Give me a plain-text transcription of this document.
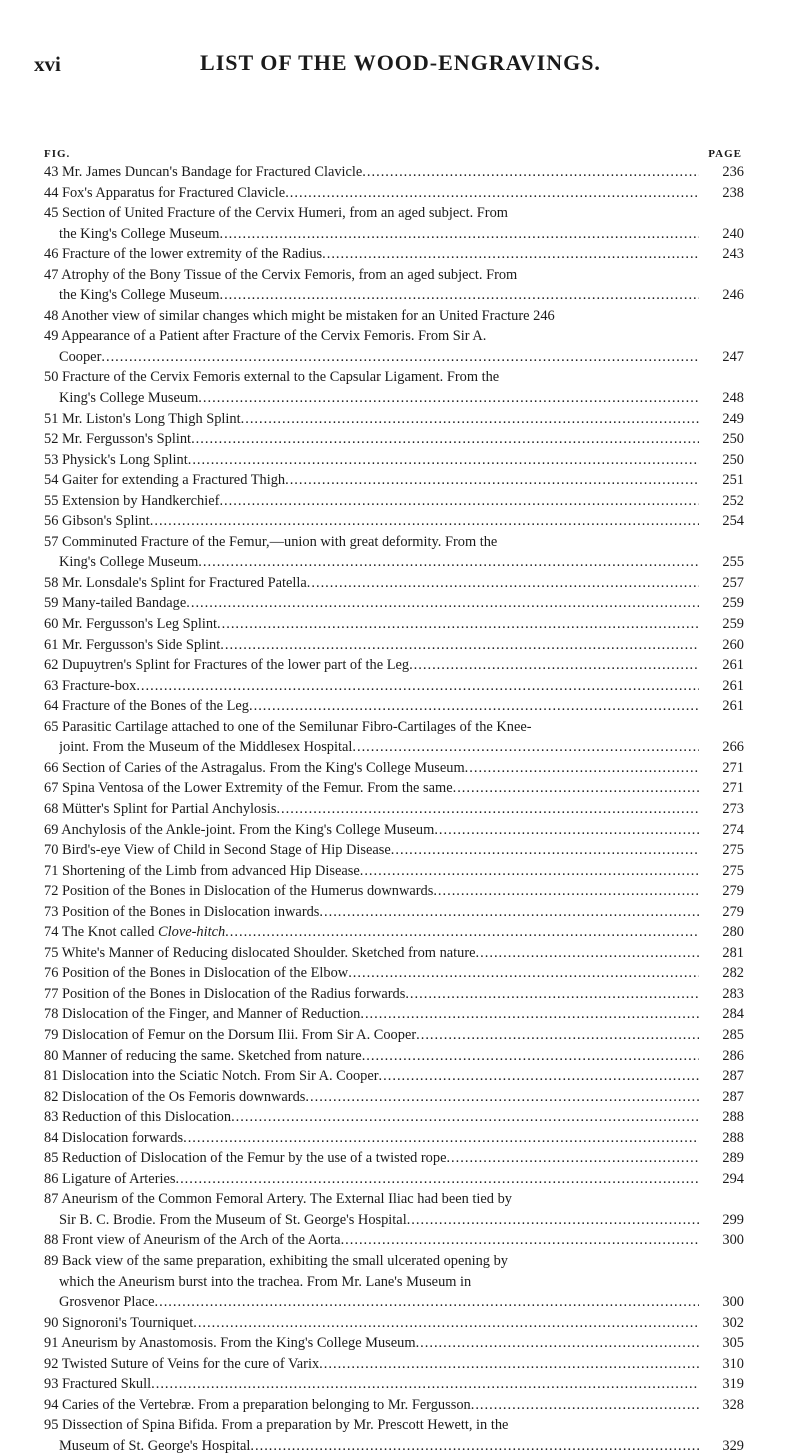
xvi	LIST OF THE WOOD-ENGRAVINGS.
FIG.	PAGE
43 Mr. James Duncan's Bandage for Fractured Clavicle .....	236
44 Fox's Apparatus for Fractured Clavicle .....	238
45 Section of United Fracture of the Cervix Humeri, from an aged subject. From
the King's College Museum .....	240
46 Fracture of the lower extremity of the Radius .....	243
47 Atrophy of the Bony Tissue of the Cervix Femoris, from an aged subject. From
the King's College Museum .....	246
48 Another view of similar changes which might be mistaken for an United Fracture 246
49 Appearance of a Patient after Fracture of the Cervix Femoris. From Sir A.
Cooper .....	247
50 Fracture of the Cervix Femoris external to the Capsular Ligament. From the
King's College Museum .....	248
51 Mr. Liston's Long Thigh Splint .....	249
52 Mr. Fergusson's Splint .....	250
53 Physick's Long Splint .....	250
54 Gaiter for extending a Fractured Thigh .....	251
55 Extension by Handkerchief .....	252
56 Gibson's Splint .....	254
57 Comminuted Fracture of the Femur,—union with great deformity. From the
King's College Museum .....	255
58 Mr. Lonsdale's Splint for Fractured Patella .....	257
59 Many-tailed Bandage .....	259
60 Mr. Fergusson's Leg Splint .....	259
61 Mr. Fergusson's Side Splint .....	260
62 Dupuytren's Splint for Fractures of the lower part of the Leg .....	261
63 Fracture-box .....	261
64 Fracture of the Bones of the Leg .....	261
65 Parasitic Cartilage attached to one of the Semilunar Fibro-Cartilages of the Knee-
joint. From the Museum of the Middlesex Hospital .....	266
66 Section of Caries of the Astragalus. From the King's College Museum .....	271
67 Spina Ventosa of the Lower Extremity of the Femur. From the same .....	271
68 Mütter's Splint for Partial Anchylosis .....	273
69 Anchylosis of the Ankle-joint. From the King's College Museum .....	274
70 Bird's-eye View of Child in Second Stage of Hip Disease .....	275
71 Shortening of the Limb from advanced Hip Disease .....	275
72 Position of the Bones in Dislocation of the Humerus downwards .....	279
73 Position of the Bones in Dislocation inwards .....	279
74 The Knot called Clove-hitch .....	280
75 White's Manner of Reducing dislocated Shoulder. Sketched from nature .....	281
76 Position of the Bones in Dislocation of the Elbow .....	282
77 Position of the Bones in Dislocation of the Radius forwards .....	283
78 Dislocation of the Finger, and Manner of Reduction .....	284
79 Dislocation of Femur on the Dorsum Ilii. From Sir A. Cooper .....	285
80 Manner of reducing the same. Sketched from nature .....	286
81 Dislocation into the Sciatic Notch. From Sir A. Cooper .....	287
82 Dislocation of the Os Femoris downwards .....	287
83 Reduction of this Dislocation .....	288
84 Dislocation forwards .....	288
85 Reduction of Dislocation of the Femur by the use of a twisted rope .....	289
86 Ligature of Arteries .....	294
87 Aneurism of the Common Femoral Artery. The External Iliac had been tied by
Sir B. C. Brodie. From the Museum of St. George's Hospital .....	299
88 Front view of Aneurism of the Arch of the Aorta .....	300
89 Back view of the same preparation, exhibiting the small ulcerated opening by
which the Aneurism burst into the trachea. From Mr. Lane's Museum in
Grosvenor Place .....	300
90 Signoroni's Tourniquet .....	302
91 Aneurism by Anastomosis. From the King's College Museum .....	305
92 Twisted Suture of Veins for the cure of Varix .....	310
93 Fractured Skull .....	319
94 Caries of the Vertebræ. From a preparation belonging to Mr. Fergusson .....	328
95 Dissection of Spina Bifida. From a preparation by Mr. Prescott Hewett, in the
Museum of St. George's Hospital .....	329
